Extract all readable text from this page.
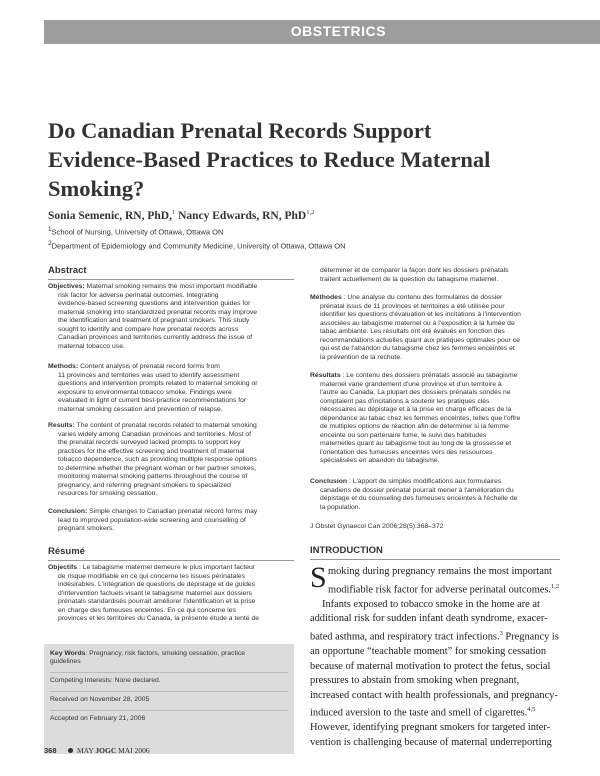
OBSTETRICS
Do Canadian Prenatal Records Support
Evidence-Based Practices to Reduce Maternal
Smoking?
Sonia Semenic, RN, PhD,$^1$ Nancy Edwards, RN, PhD$^{1,2}$
$^1$School of Nursing, University of Ottawa, Ottawa ON
$^2$Department of Epidemiology and Community Medicine, University of Ottawa, Ottawa ON
Abstract
Objectives: Maternal smoking remains the most important modifiable
risk factor for adverse perinatal outcomes. Integrating
evidence-based screening questions and intervention guides for
maternal smoking into standardized prenatal records may improve
the identification and treatment of pregnant smokers. This study
sought to identify and compare how prenatal records across
Canadian provinces and territories currently address the issue of
maternal tobacco use.
Methods: Content analysis of prenatal record forms from
11 provinces and territories was used to identify assessment
questions and intervention prompts related to maternal smoking or
exposure to environmental tobacco smoke. Findings were
evaluated in light of current best-practice recommendations for
maternal smoking cessation and prevention of relapse.
Results: The content of prenatal records related to maternal smoking
varies widely among Canadian provinces and territories. Most of
the prenatal records surveyed lacked prompts to support key
practices for the effective screening and treatment of maternal
tobacco dependence, such as providing multiple response options
to determine whether the pregnant woman or her partner smokes,
monitoring maternal smoking patterns throughout the course of
pregnancy, and referring pregnant smokers to specialized
resources for smoking cessation.
Conclusion: Simple changes to Canadian prenatal record forms may
lead to improved population-wide screening and counselling of
pregnant smokers.
Résumé
Objectifs : Le tabagisme maternel demeure le plus important facteur
de risque modifiable en ce qui concerne les issues périnatales
indésirables. L'intégration de questions de dépistage et de guides
d'intervention factuels visant le tabagisme maternel aux dossiers
prénatals standardisés pourrait améliorer l'identification et la prise
en charge des fumeuses enceintes. En ce qui concerne les
provinces et les territoires du Canada, la présente étude a tenté de
Key Words: Pregnancy, risk factors, smoking cessation, practice
guidelines
Competing Interests: None declared.
Received on November 28, 2005
Accepted on February 21, 2006
déterminer et de comparer la façon dont les dossiers prénatals
traitent actuellement de la question du tabagisme maternel.
Méthodes : Une analyse du contenu des formulaires de dossier
prénatal issus de 11 provinces et territoires a été utilisée pour
identifier les questions d'évaluation et les incitations à l'intervention
associées au tabagisme maternel ou à l'exposition à la fumée de
tabac ambiante. Les résultats ont été évalués en fonction des
recommandations actuelles quant aux pratiques optimales pour ce
qui est de l'abandon du tabagisme chez les femmes enceintes et
la prévention de la rechute.
Résultats : Le contenu des dossiers prénatals associé au tabagisme
maternel varie grandement d'une province et d'un territoire à
l'autre au Canada. La plupart des dossiers prénatals sondés ne
comptaient pas d'incitations à soutenir les pratiques clés
nécessaires au dépistage et à la prise en charge efficaces de la
dépendance au tabac chez les femmes enceintes, telles que l'offre
de multiples options de réaction afin de déterminer si la femme
enceinte ou son partenaire fume, le suivi des habitudes
maternelles quant au tabagisme tout au long de la grossesse et
l'orientation des fumeuses enceintes vers des ressources
spécialisées en abandon du tabagisme.
Conclusion : L'apport de simples modifications aux formulaires
canadiens de dossier prénatal pourrait mener à l'amélioration du
dépistage et du counseling des fumeuses enceintes à l'échelle de
la population.
J Obstet Gynaecol Can 2006;28(5):368–372
INTRODUCTION
S moking during pregnancy remains the most important
modifiable risk factor for adverse perinatal outcomes.$^{1,2}$
Infants exposed to tobacco smoke in the home are at
additional risk for sudden infant death syndrome, exacer-
bated asthma, and respiratory tract infections.$^3$ Pregnancy is
an opportune “teachable moment” for smoking cessation
because of maternal motivation to protect the fetus, social
pressures to abstain from smoking when pregnant,
increased contact with health professionals, and pregnancy-
induced aversion to the taste and smell of cigarettes.$^{4,5}$
However, identifying pregnant smokers for targeted inter-
vention is challenging because of maternal underreporting
368	MAY JOGC MAI 2006
